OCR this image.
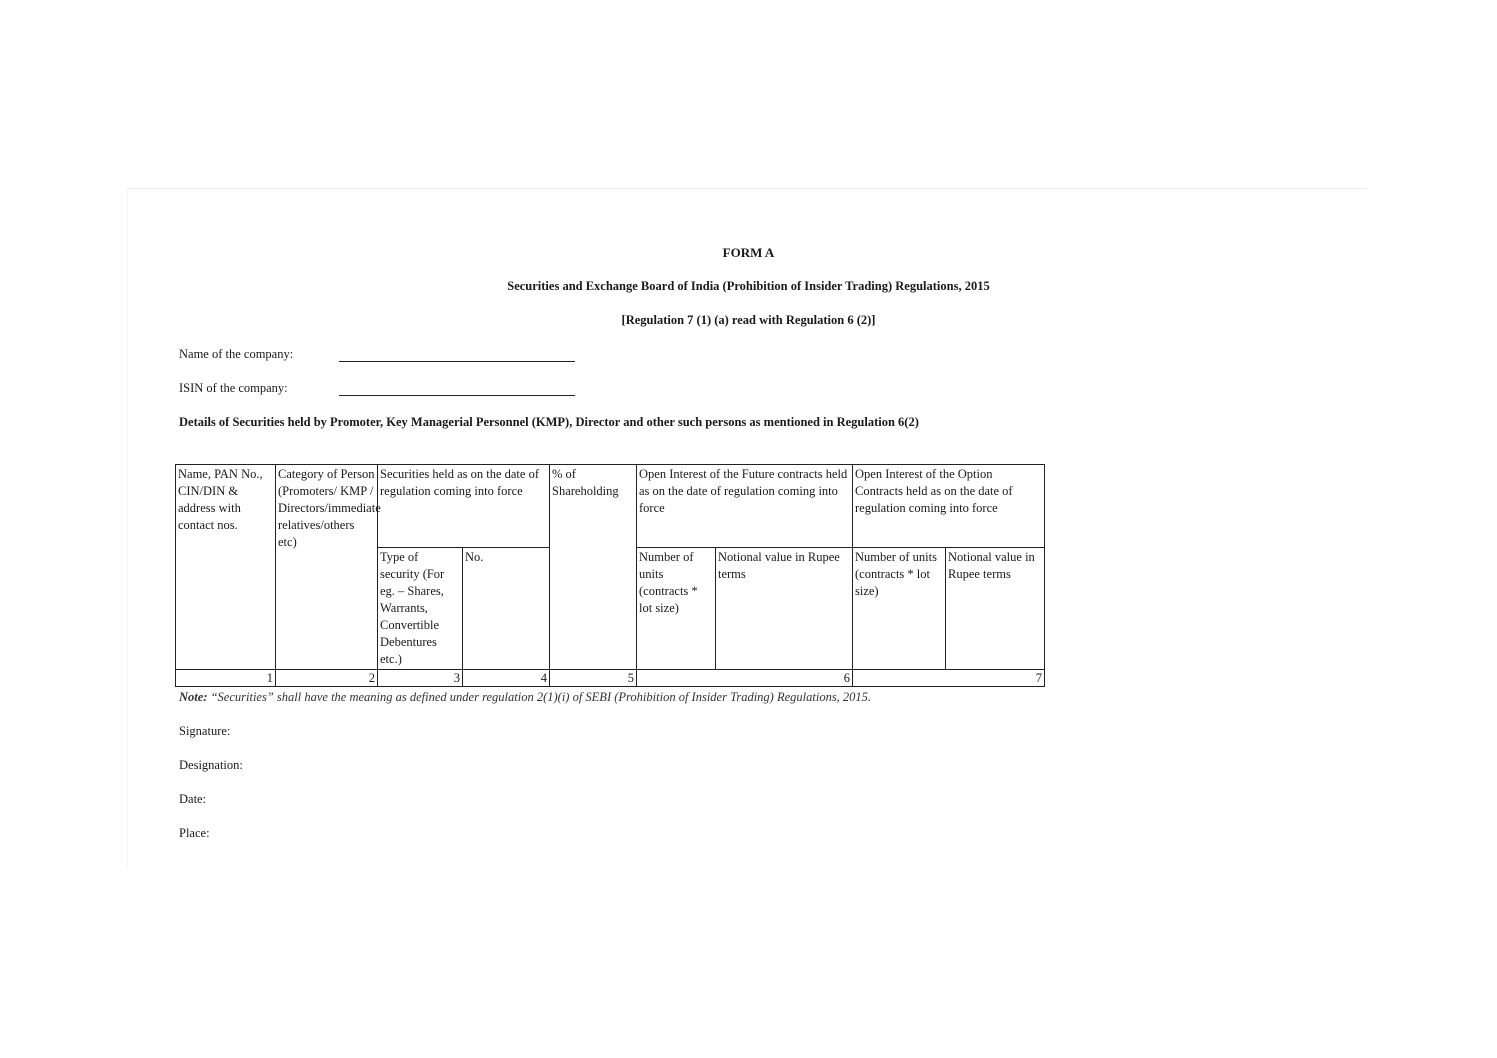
FORM A
Securities and Exchange Board of India (Prohibition of Insider Trading) Regulations, 2015
[Regulation 7 (1) (a) read with Regulation 6 (2)]
Name of the company:
ISIN of the company:
Details of Securities held by Promoter, Key Managerial Personnel (KMP), Director and other such persons as mentioned in Regulation 6(2)
Name, PAN No., CIN/DIN & address with contact nos.	Category of Person (Promoters/ KMP / Directors/immediate relatives/others etc)	Securities held as on the date of regulation coming into force		% of Shareholding	Open Interest of the Future contracts held as on the date of regulation coming into force		Open Interest of the Option Contracts held as on the date of regulation coming into force	
		Type of security (For eg. – Shares, Warrants, Convertible Debentures etc.)	No.		Number of units (contracts * lot size)	Notional value in Rupee terms	Number of units (contracts * lot size)	Notional value in Rupee terms
1	2	3	4	5	6		7	
Note: “Securities” shall have the meaning as defined under regulation 2(1)(i) of SEBI (Prohibition of Insider Trading) Regulations, 2015.
Signature:
Designation:
Date:
Place:
